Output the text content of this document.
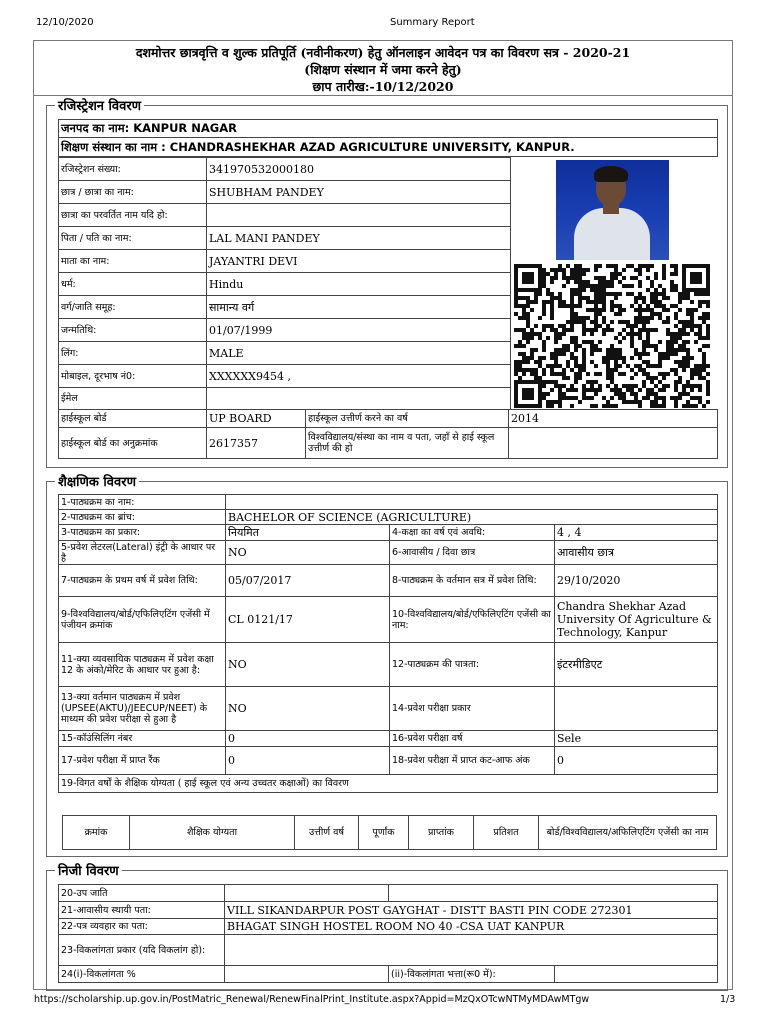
12/10/2020	Summary Report
दशमोत्तर छात्रवृत्ति व शुल्क प्रतिपूर्ति (नवीनीकरण) हेतु ऑनलाइन आवेदन पत्र का विवरण सत्र - 2020-21
(शिक्षण संस्थान में जमा करने हेतु)
छाप तारीख:-10/12/2020
रजिस्ट्रेशन विवरण
जनपद का नाम: KANPUR NAGAR
शिक्षण संस्थान का नाम : CHANDRASHEKHAR AZAD AGRICULTURE UNIVERSITY, KANPUR.
रजिस्ट्रेशन संख्या:	341970532000180
छात्र / छात्रा का नाम:	SHUBHAM PANDEY
छात्रा का परवर्तित नाम यदि हो:	
पिता / पति का नाम:	LAL MANI PANDEY
माता का नाम:	JAYANTRI DEVI
धर्म:	Hindu
वर्ग/जाति समूह:	सामान्य वर्ग
जन्मतिथि:	01/07/1999
लिंग:	MALE
मोबाइल, दूरभाष नं0:	XXXXXX9454 ,
ईमेल	
हाईस्कूल बोर्ड	UP BOARD	हाईस्कूल उत्तीर्ण करने का वर्ष	2014
हाईस्कूल बोर्ड का अनुक्रमांक	2617357	विश्वविद्यालय/संस्था का नाम व पता, जहाँ से हाई स्कूल उत्तीर्ण की हो	
शैक्षणिक विवरण
1-पाठ्यक्रम का नाम:			
2-पाठ्यक्रम का ब्रांच:	BACHELOR OF SCIENCE (AGRICULTURE)		
3-पाठ्यक्रम का प्रकार:	नियमित	4-कक्षा का वर्ष एवं अवधि:	4 , 4
5-प्रवेश लेटरल(Lateral) इंट्री के आधार पर है	NO	6-आवासीय / दिवा छात्र	आवासीय छात्र
7-पाठ्यक्रम के प्रथम वर्ष में प्रवेश तिथि:	05/07/2017	8-पाठ्यक्रम के वर्तमान सत्र में प्रवेश तिथि:	29/10/2020
9-विश्वविद्यालय/बोर्ड/एफिलिएटिंग एजेंसी में पंजीयन क्रमांक	CL 0121/17	10-विश्वविद्यालय/बोर्ड/एफिलिएटिंग एजेंसी का नाम:	Chandra Shekhar Azad University Of Agriculture & Technology, Kanpur
11-क्या व्यवसायिक पाठ्यक्रम में प्रवेश कक्षा 12 के अंको/मेरिट के आधार पर हुआ है:	NO	12-पाठ्यक्रम की पात्रता:	इंटरमीडिएट
13-क्या वर्तमान पाठ्यक्रम में प्रवेश (UPSEE(AKTU)/JEECUP/NEET) के माध्यम की प्रवेश परीक्षा से हुआ है	NO	14-प्रवेश परीक्षा प्रकार	
15-कॉउंसिलिंग नंबर	0	16-प्रवेश परीक्षा वर्ष	Sele
17-प्रवेश परीक्षा में प्राप्त रैंक	0	18-प्रवेश परीक्षा में प्राप्त कट-आफ अंक	0
19-विगत वर्षों के शैक्षिक योग्यता ( हाई स्कूल एवं अन्य उच्चतर कक्षाओं) का विवरण			
क्रमांक	शैक्षिक योग्यता	उत्तीर्ण वर्ष	पूर्णांक	प्राप्तांक	प्रतिशत	बोर्ड/विश्वविद्यालय/अफिलिएटिंग एजेंसी का नाम
निजी विवरण
20-उप जाति			
21-आवासीय स्थायी पता:	VILL SIKANDARPUR POST GAYGHAT - DISTT BASTI PIN CODE 272301		
22-पत्र व्यवहार का पता:	BHAGAT SINGH HOSTEL ROOM NO 40 -CSA UAT KANPUR		
23-विकलांगता प्रकार (यदि विकलांग हो):			
24(i)-विकलांगता %		(ii)-विकलांगता भत्ता(रू0 में):	
https://scholarship.up.gov.in/PostMatric_Renewal/RenewFinalPrint_Institute.aspx?Appid=MzQxOTcwNTMyMDAwMTgw	1/3
